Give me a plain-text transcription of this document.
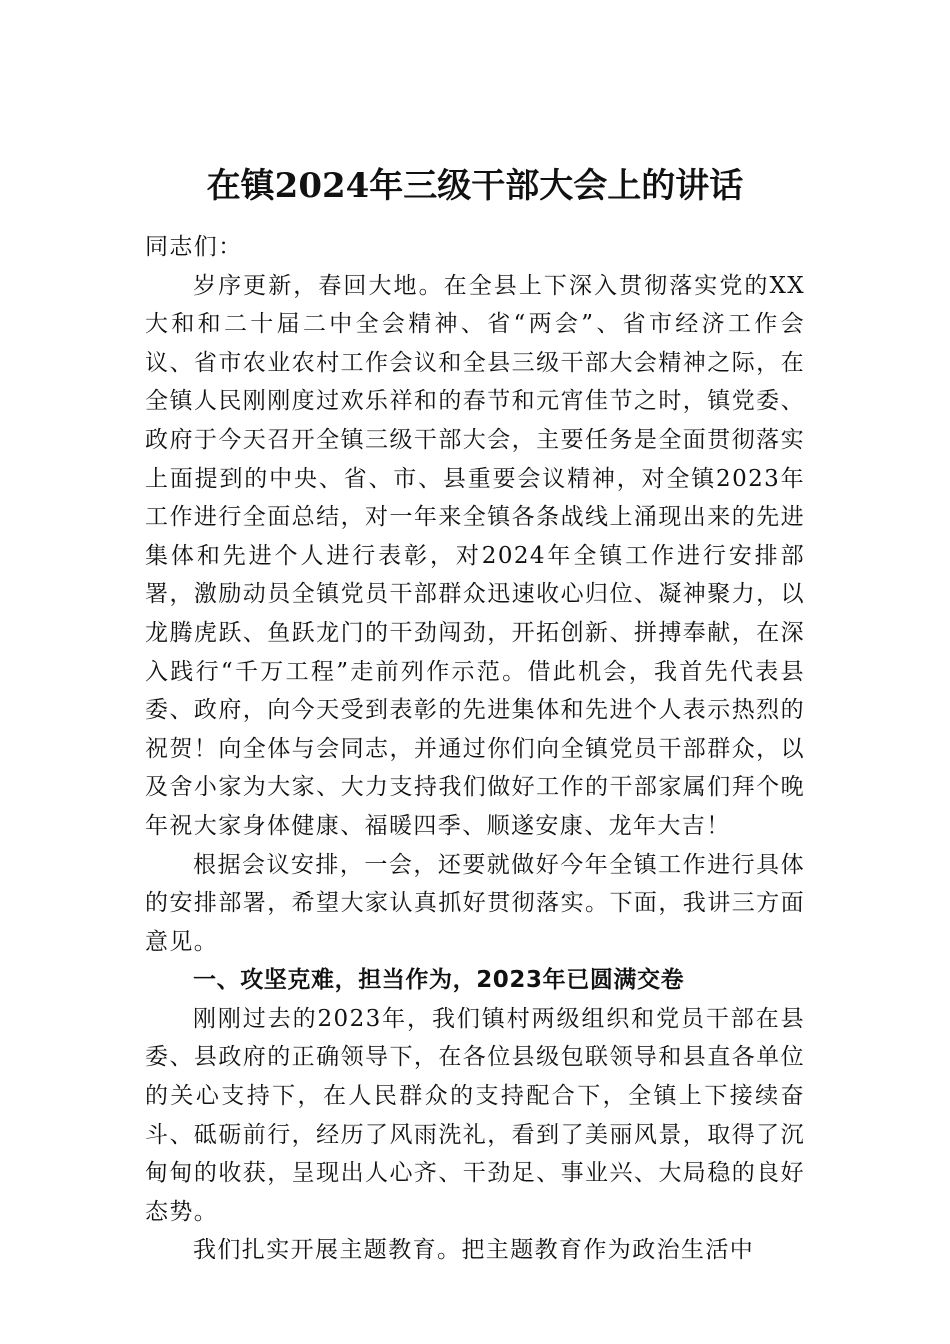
在镇2024年三级干部大会上的讲话

同志们：

岁序更新，春回大地。在全县上下深入贯彻落实党的XX大和和二十届二中全会精神、省“两会”、省市经济工作会议、省市农业农村工作会议和全县三级干部大会精神之际，在全镇人民刚刚度过欢乐祥和的春节和元宵佳节之时，镇党委、政府于今天召开全镇三级干部大会，主要任务是全面贯彻落实上面提到的中央、省、市、县重要会议精神，对全镇2023年工作进行全面总结，对一年来全镇各条战线上涌现出来的先进集体和先进个人进行表彰，对2024年全镇工作进行安排部署，激励动员全镇党员干部群众迅速收心归位、凝神聚力，以龙腾虎跃、鱼跃龙门的干劲闯劲，开拓创新、拼搏奉献，在深入践行“千万工程”走前列作示范。借此机会，我首先代表县委、政府，向今天受到表彰的先进集体和先进个人表示热烈的祝贺！向全体与会同志，并通过你们向全镇党员干部群众，以及舍小家为大家、大力支持我们做好工作的干部家属们拜个晚年祝大家身体健康、福暖四季、顺遂安康、龙年大吉！

根据会议安排，一会，还要就做好今年全镇工作进行具体的安排部署，希望大家认真抓好贯彻落实。下面，我讲三方面意见。

一、攻坚克难，担当作为，2023年已圆满交卷

刚刚过去的2023年，我们镇村两级组织和党员干部在县委、县政府的正确领导下，在各位县级包联领导和县直各单位的关心支持下，在人民群众的支持配合下，全镇上下接续奋斗、砥砺前行，经历了风雨洗礼，看到了美丽风景，取得了沉甸甸的收获，呈现出人心齐、干劲足、事业兴、大局稳的良好态势。

我们扎实开展主题教育。把主题教育作为政治生活中
